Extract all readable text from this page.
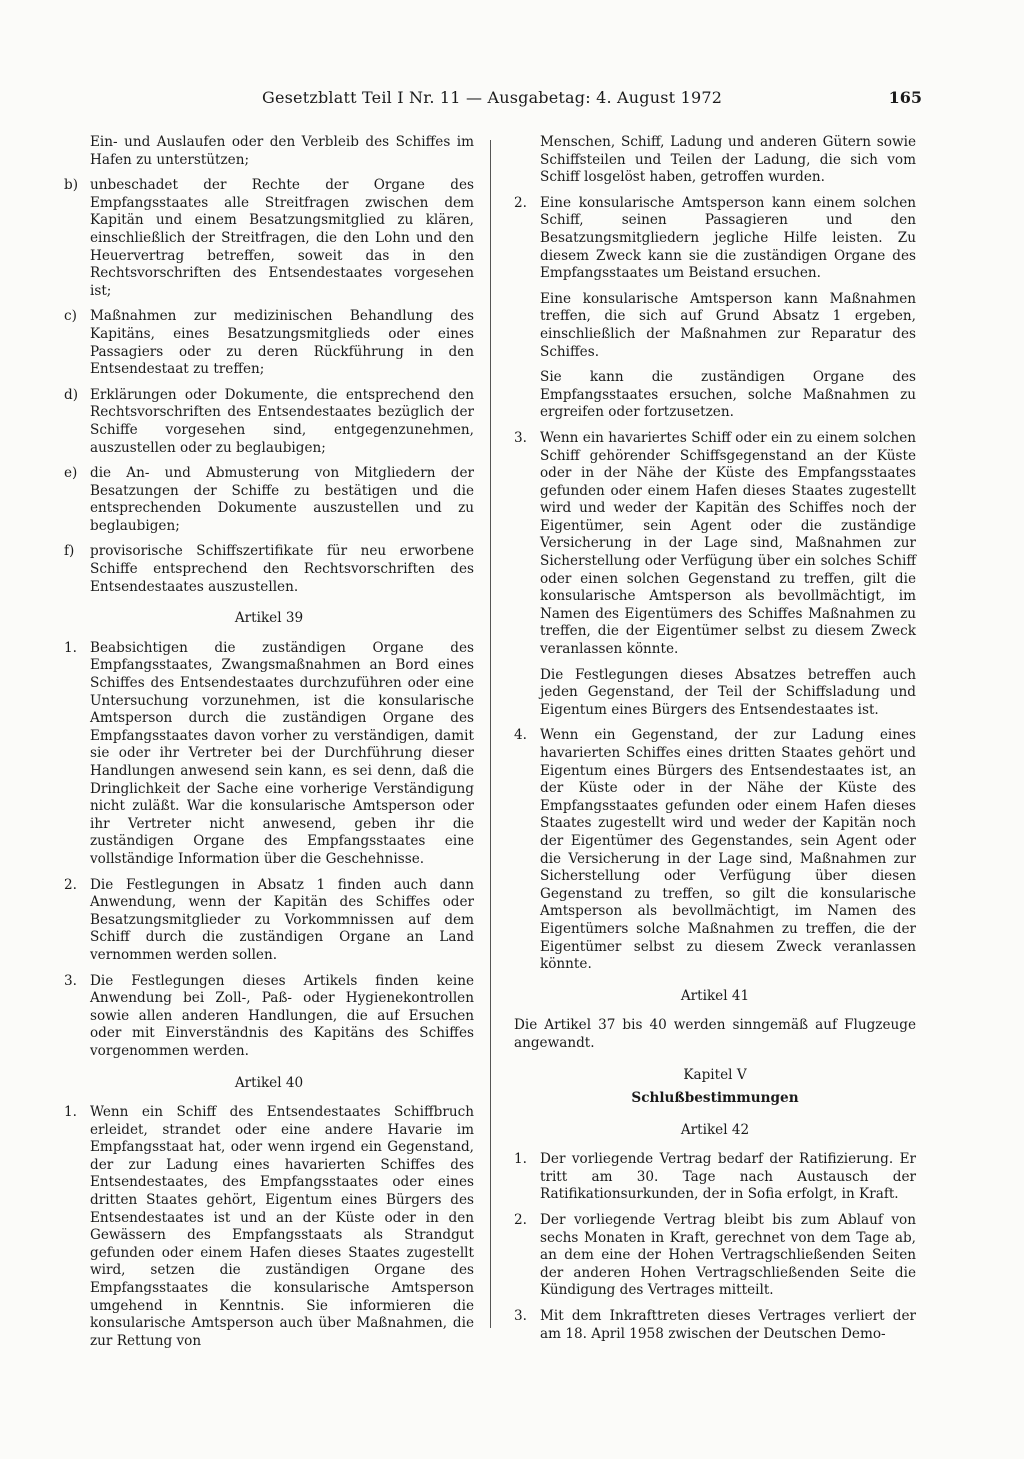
Gesetzblatt Teil I Nr. 11 — Ausgabetag: 4. August 1972	165

Ein- und Auslaufen oder den Verbleib des Schiffes im Hafen zu unterstützen;

b) unbeschadet der Rechte der Organe des Empfangsstaates alle Streitfragen zwischen dem Kapitän und einem Besatzungsmitglied zu klären, einschließlich der Streitfragen, die den Lohn und den Heuervertrag betreffen, soweit das in den Rechtsvorschriften des Entsendestaates vorgesehen ist;
c) Maßnahmen zur medizinischen Behandlung des Kapitäns, eines Besatzungsmitglieds oder eines Passagiers oder zu deren Rückführung in den Entsendestaat zu treffen;
d) Erklärungen oder Dokumente, die entsprechend den Rechtsvorschriften des Entsendestaates bezüglich der Schiffe vorgesehen sind, entgegenzunehmen, auszustellen oder zu beglaubigen;
e) die An- und Abmusterung von Mitgliedern der Besatzungen der Schiffe zu bestätigen und die entsprechenden Dokumente auszustellen und zu beglaubigen;
f) provisorische Schiffszertifikate für neu erworbene Schiffe entsprechend den Rechtsvorschriften des Entsendestaates auszustellen.
Artikel 39
1. Beabsichtigen die zuständigen Organe des Empfangsstaates, Zwangsmaßnahmen an Bord eines Schiffes des Entsendestaates durchzuführen oder eine Untersuchung vorzunehmen, ist die konsularische Amtsperson durch die zuständigen Organe des Empfangsstaates davon vorher zu verständigen, damit sie oder ihr Vertreter bei der Durchführung dieser Handlungen anwesend sein kann, es sei denn, daß die Dringlichkeit der Sache eine vorherige Verständigung nicht zuläßt. War die konsularische Amtsperson oder ihr Vertreter nicht anwesend, geben ihr die zuständigen Organe des Empfangsstaates eine vollständige Information über die Geschehnisse.
2. Die Festlegungen in Absatz 1 finden auch dann Anwendung, wenn der Kapitän des Schiffes oder Besatzungsmitglieder zu Vorkommnissen auf dem Schiff durch die zuständigen Organe an Land vernommen werden sollen.
3. Die Festlegungen dieses Artikels finden keine Anwendung bei Zoll-, Paß- oder Hygienekontrollen sowie allen anderen Handlungen, die auf Ersuchen oder mit Einverständnis des Kapitäns des Schiffes vorgenommen werden.
Artikel 40
1. Wenn ein Schiff des Entsendestaates Schiffbruch erleidet, strandet oder eine andere Havarie im Empfangsstaat hat, oder wenn irgend ein Gegenstand, der zur Ladung eines havarierten Schiffes des Entsendestaates, des Empfangsstaates oder eines dritten Staates gehört, Eigentum eines Bürgers des Entsendestaates ist und an der Küste oder in den Gewässern des Empfangsstaats als Strandgut gefunden oder einem Hafen dieses Staates zugestellt wird, setzen die zuständigen Organe des Empfangsstaates die konsularische Amtsperson umgehend in Kenntnis. Sie informieren die konsularische Amtsperson auch über Maßnahmen, die zur Rettung von

Menschen, Schiff, Ladung und anderen Gütern sowie Schiffsteilen und Teilen der Ladung, die sich vom Schiff losgelöst haben, getroffen wurden.

2. Eine konsularische Amtsperson kann einem solchen Schiff, seinen Passagieren und den Besatzungsmitgliedern jegliche Hilfe leisten. Zu diesem Zweck kann sie die zuständigen Organe des Empfangsstaates um Beistand ersuchen.

Eine konsularische Amtsperson kann Maßnahmen treffen, die sich auf Grund Absatz 1 ergeben, einschließlich der Maßnahmen zur Reparatur des Schiffes.

Sie kann die zuständigen Organe des Empfangsstaates ersuchen, solche Maßnahmen zu ergreifen oder fortzusetzen.

3. Wenn ein havariertes Schiff oder ein zu einem solchen Schiff gehörender Schiffsgegenstand an der Küste oder in der Nähe der Küste des Empfangsstaates gefunden oder einem Hafen dieses Staates zugestellt wird und weder der Kapitän des Schiffes noch der Eigentümer, sein Agent oder die zuständige Versicherung in der Lage sind, Maßnahmen zur Sicherstellung oder Verfügung über ein solches Schiff oder einen solchen Gegenstand zu treffen, gilt die konsularische Amtsperson als bevollmächtigt, im Namen des Eigentümers des Schiffes Maßnahmen zu treffen, die der Eigentümer selbst zu diesem Zweck veranlassen könnte.

Die Festlegungen dieses Absatzes betreffen auch jeden Gegenstand, der Teil der Schiffsladung und Eigentum eines Bürgers des Entsendestaates ist.

4. Wenn ein Gegenstand, der zur Ladung eines havarierten Schiffes eines dritten Staates gehört und Eigentum eines Bürgers des Entsendestaates ist, an der Küste oder in der Nähe der Küste des Empfangsstaates gefunden oder einem Hafen dieses Staates zugestellt wird und weder der Kapitän noch der Eigentümer des Gegenstandes, sein Agent oder die Versicherung in der Lage sind, Maßnahmen zur Sicherstellung oder Verfügung über diesen Gegenstand zu treffen, so gilt die konsularische Amtsperson als bevollmächtigt, im Namen des Eigentümers solche Maßnahmen zu treffen, die der Eigentümer selbst zu diesem Zweck veranlassen könnte.
Artikel 41

Die Artikel 37 bis 40 werden sinngemäß auf Flugzeuge angewandt.

Kapitel V
Schlußbestimmungen
Artikel 42
1. Der vorliegende Vertrag bedarf der Ratifizierung. Er tritt am 30. Tage nach Austausch der Ratifikationsurkunden, der in Sofia erfolgt, in Kraft.
2. Der vorliegende Vertrag bleibt bis zum Ablauf von sechs Monaten in Kraft, gerechnet von dem Tage ab, an dem eine der Hohen Vertragschließenden Seiten der anderen Hohen Vertragschließenden Seite die Kündigung des Vertrages mitteilt.
3. Mit dem Inkrafttreten dieses Vertrages verliert der am 18. April 1958 zwischen der Deutschen Demo-
